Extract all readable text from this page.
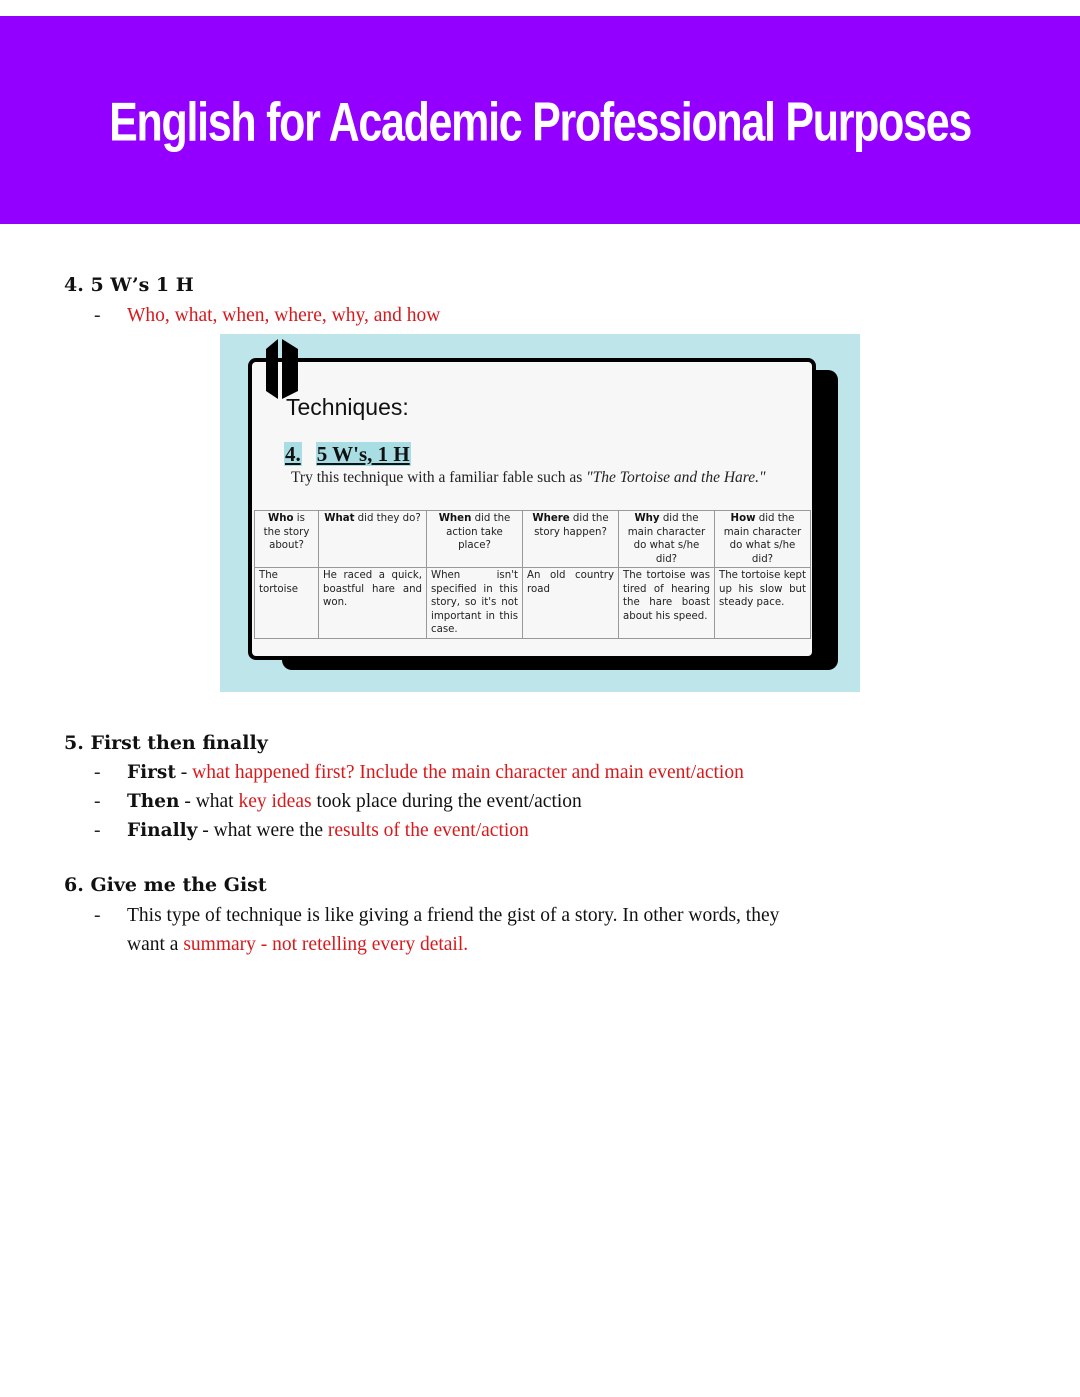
English for Academic Professional Purposes
4. 5 W’s 1 H
- Who, what, when, where, why, and how
Techniques:
4. 5 W's, 1 H
Try this technique with a familiar fable such as "The Tortoise and the Hare."
Who is the story about?	What did they do?	When did the action take place?	Where did the story happen?	Why did the main character do what s/he did?	How did the main character do what s/he did?
The tortoise	He raced a quick, boastful hare and won.	When isn't specified in this story, so it's not important in this case.	An old country road	The tortoise was tired of hearing the hare boast about his speed.	The tortoise kept up his slow but steady pace.
5. First then finally
- First - what happened first? Include the main character and main event/action
- Then - what key ideas took place during the event/action
- Finally - what were the results of the event/action
6. Give me the Gist
- This type of technique is like giving a friend the gist of a story. In other words, they
want a summary - not retelling every detail.
